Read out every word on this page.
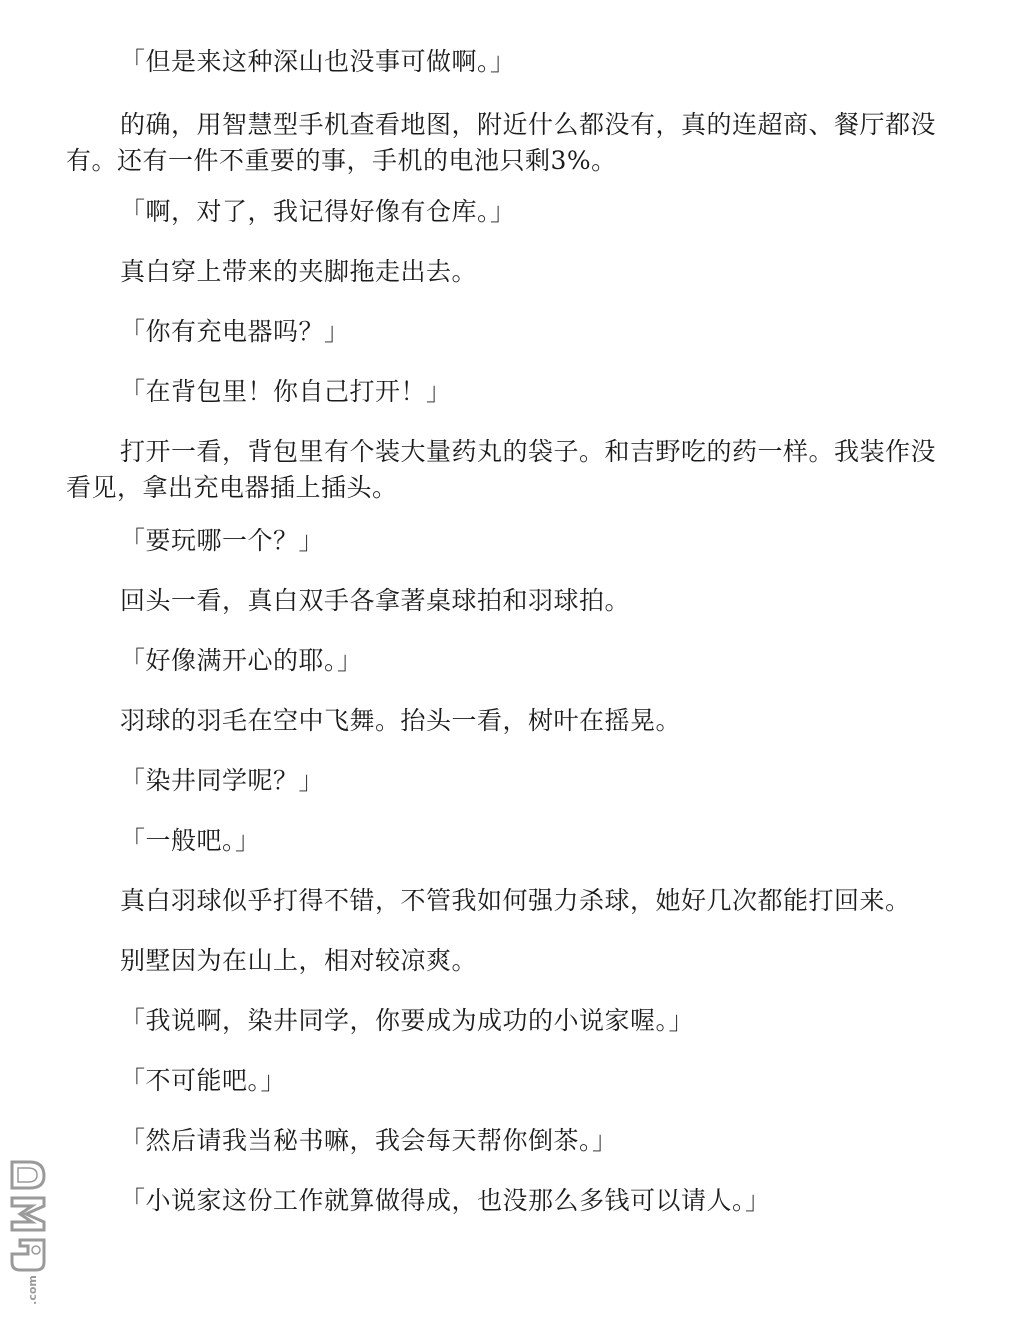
「但是来这种深山也没事可做啊。」

的确，用智慧型手机查看地图，附近什么都没有，真的连超商、餐厅都没有。还有一件不重要的事，手机的电池只剩3%。

「啊，对了，我记得好像有仓库。」

真白穿上带来的夹脚拖走出去。

「你有充电器吗？」

「在背包里！你自己打开！」

打开一看，背包里有个装大量药丸的袋子。和吉野吃的药一样。我装作没看见，拿出充电器插上插头。

「要玩哪一个？」

回头一看，真白双手各拿著桌球拍和羽球拍。

「好像满开心的耶。」

羽球的羽毛在空中飞舞。抬头一看，树叶在摇晃。

「染井同学呢？」

「一般吧。」

真白羽球似乎打得不错，不管我如何强力杀球，她好几次都能打回来。

别墅因为在山上，相对较凉爽。

「我说啊，染井同学，你要成为成功的小说家喔。」

「不可能吧。」

「然后请我当秘书嘛，我会每天帮你倒茶。」

「小说家这份工作就算做得成，也没那么多钱可以请人。」

.com
